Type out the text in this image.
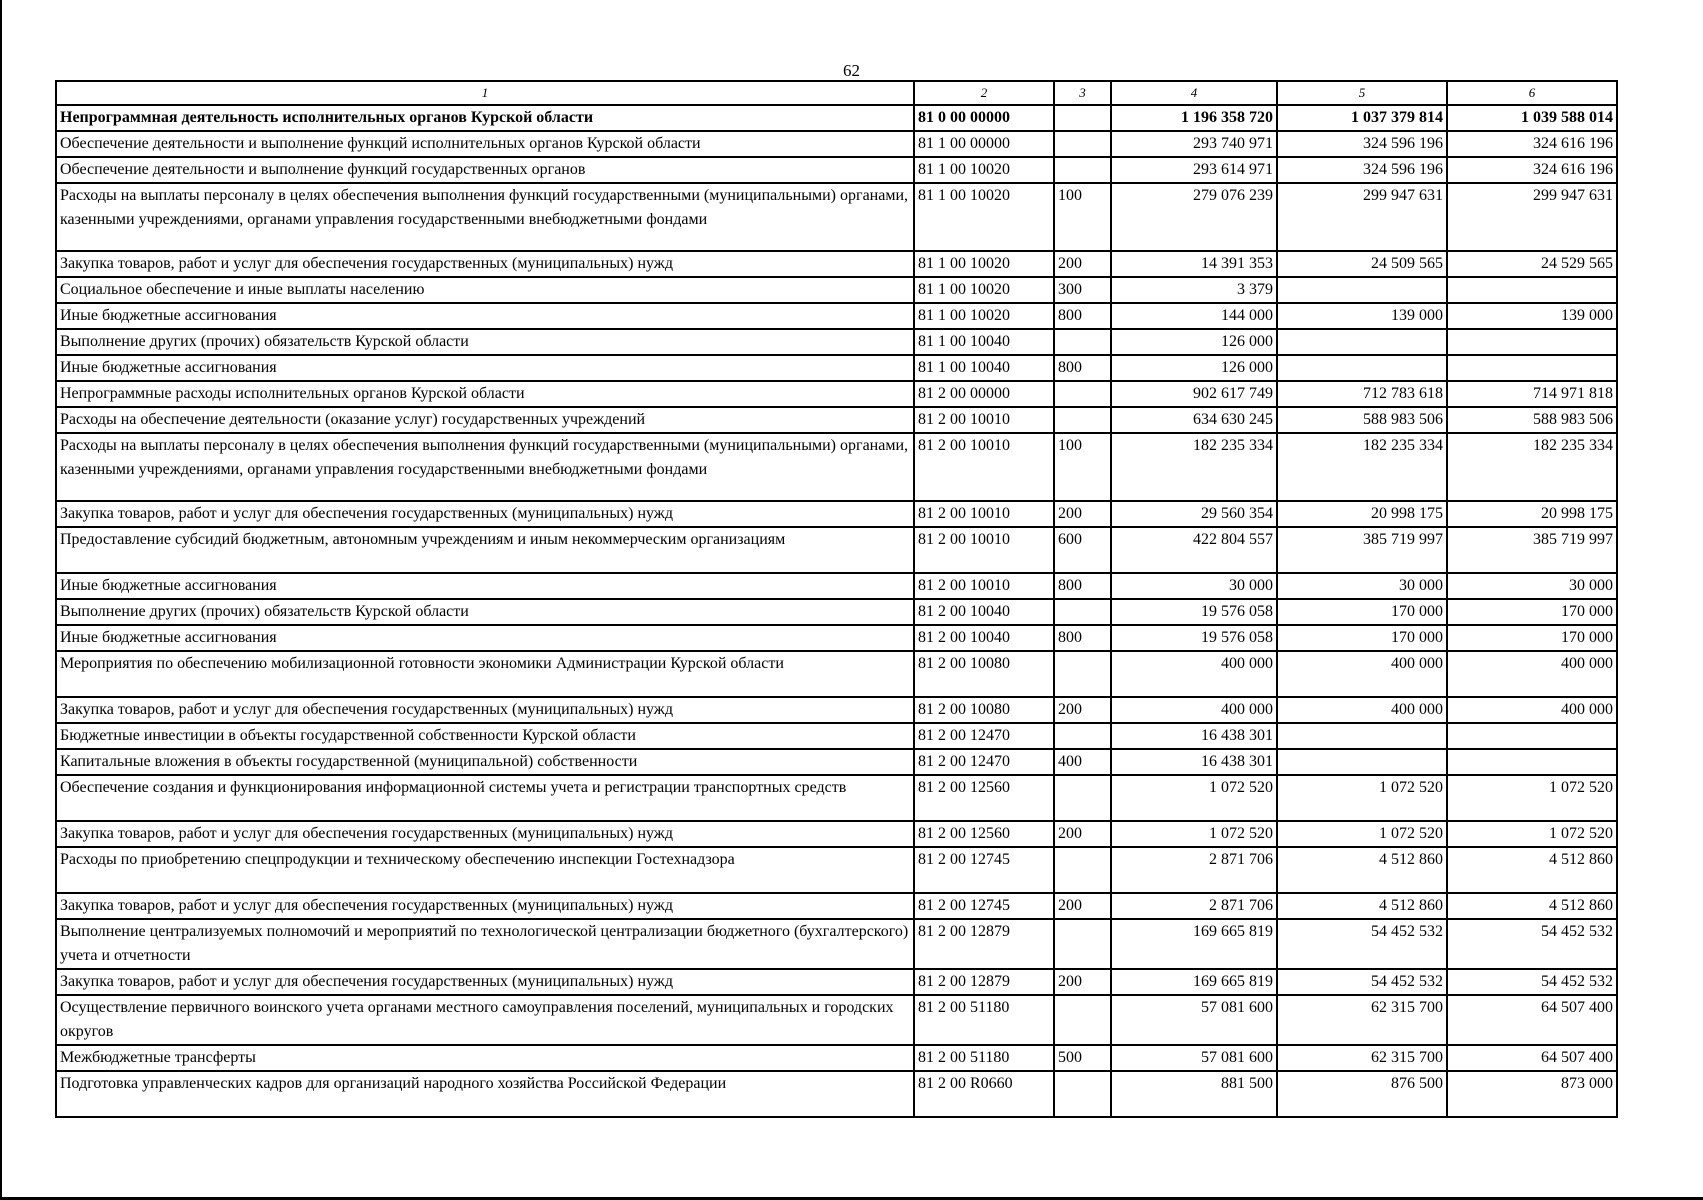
62
1	2	3	4	5	6
Непрограммная деятельность исполнительных органов Курской области	81 0 00 00000		1 196 358 720	1 037 379 814	1 039 588 014
Обеспечение деятельности и выполнение функций исполнительных органов Курской области	81 1 00 00000		293 740 971	324 596 196	324 616 196
Обеспечение деятельности и выполнение функций государственных органов	81 1 00 10020		293 614 971	324 596 196	324 616 196
Расходы на выплаты персоналу в целях обеспечения выполнения функций государственными (муниципальными) органами, казенными учреждениями, органами управления государственными внебюджетными фондами	81 1 00 10020	100	279 076 239	299 947 631	299 947 631
Закупка товаров, работ и услуг для обеспечения государственных (муниципальных) нужд	81 1 00 10020	200	14 391 353	24 509 565	24 529 565
Социальное обеспечение и иные выплаты населению	81 1 00 10020	300	3 379		
Иные бюджетные ассигнования	81 1 00 10020	800	144 000	139 000	139 000
Выполнение других (прочих) обязательств Курской области	81 1 00 10040		126 000		
Иные бюджетные ассигнования	81 1 00 10040	800	126 000		
Непрограммные расходы исполнительных органов Курской области	81 2 00 00000		902 617 749	712 783 618	714 971 818
Расходы на обеспечение деятельности (оказание услуг) государственных учреждений	81 2 00 10010		634 630 245	588 983 506	588 983 506
Расходы на выплаты персоналу в целях обеспечения выполнения функций государственными (муниципальными) органами, казенными учреждениями, органами управления государственными внебюджетными фондами	81 2 00 10010	100	182 235 334	182 235 334	182 235 334
Закупка товаров, работ и услуг для обеспечения государственных (муниципальных) нужд	81 2 00 10010	200	29 560 354	20 998 175	20 998 175
Предоставление субсидий бюджетным, автономным учреждениям и иным некоммерческим организациям	81 2 00 10010	600	422 804 557	385 719 997	385 719 997
Иные бюджетные ассигнования	81 2 00 10010	800	30 000	30 000	30 000
Выполнение других (прочих) обязательств Курской области	81 2 00 10040		19 576 058	170 000	170 000
Иные бюджетные ассигнования	81 2 00 10040	800	19 576 058	170 000	170 000
Мероприятия по обеспечению мобилизационной готовности экономики Администрации Курской области	81 2 00 10080		400 000	400 000	400 000
Закупка товаров, работ и услуг для обеспечения государственных (муниципальных) нужд	81 2 00 10080	200	400 000	400 000	400 000
Бюджетные инвестиции в объекты государственной собственности Курской области	81 2 00 12470		16 438 301		
Капитальные вложения в объекты государственной (муниципальной) собственности	81 2 00 12470	400	16 438 301		
Обеспечение создания и функционирования информационной системы учета и регистрации транспортных средств	81 2 00 12560		1 072 520	1 072 520	1 072 520
Закупка товаров, работ и услуг для обеспечения государственных (муниципальных) нужд	81 2 00 12560	200	1 072 520	1 072 520	1 072 520
Расходы по приобретению спецпродукции и техническому обеспечению инспекции Гостехнадзора	81 2 00 12745		2 871 706	4 512 860	4 512 860
Закупка товаров, работ и услуг для обеспечения государственных (муниципальных) нужд	81 2 00 12745	200	2 871 706	4 512 860	4 512 860
Выполнение централизуемых полномочий и мероприятий по технологической централизации бюджетного (бухгалтерского) учета и отчетности	81 2 00 12879		169 665 819	54 452 532	54 452 532
Закупка товаров, работ и услуг для обеспечения государственных (муниципальных) нужд	81 2 00 12879	200	169 665 819	54 452 532	54 452 532
Осуществление первичного воинского учета органами местного самоуправления поселений, муниципальных и городских округов	81 2 00 51180		57 081 600	62 315 700	64 507 400
Межбюджетные трансферты	81 2 00 51180	500	57 081 600	62 315 700	64 507 400
Подготовка управленческих кадров для организаций народного хозяйства Российской Федерации	81 2 00 R0660		881 500	876 500	873 000
